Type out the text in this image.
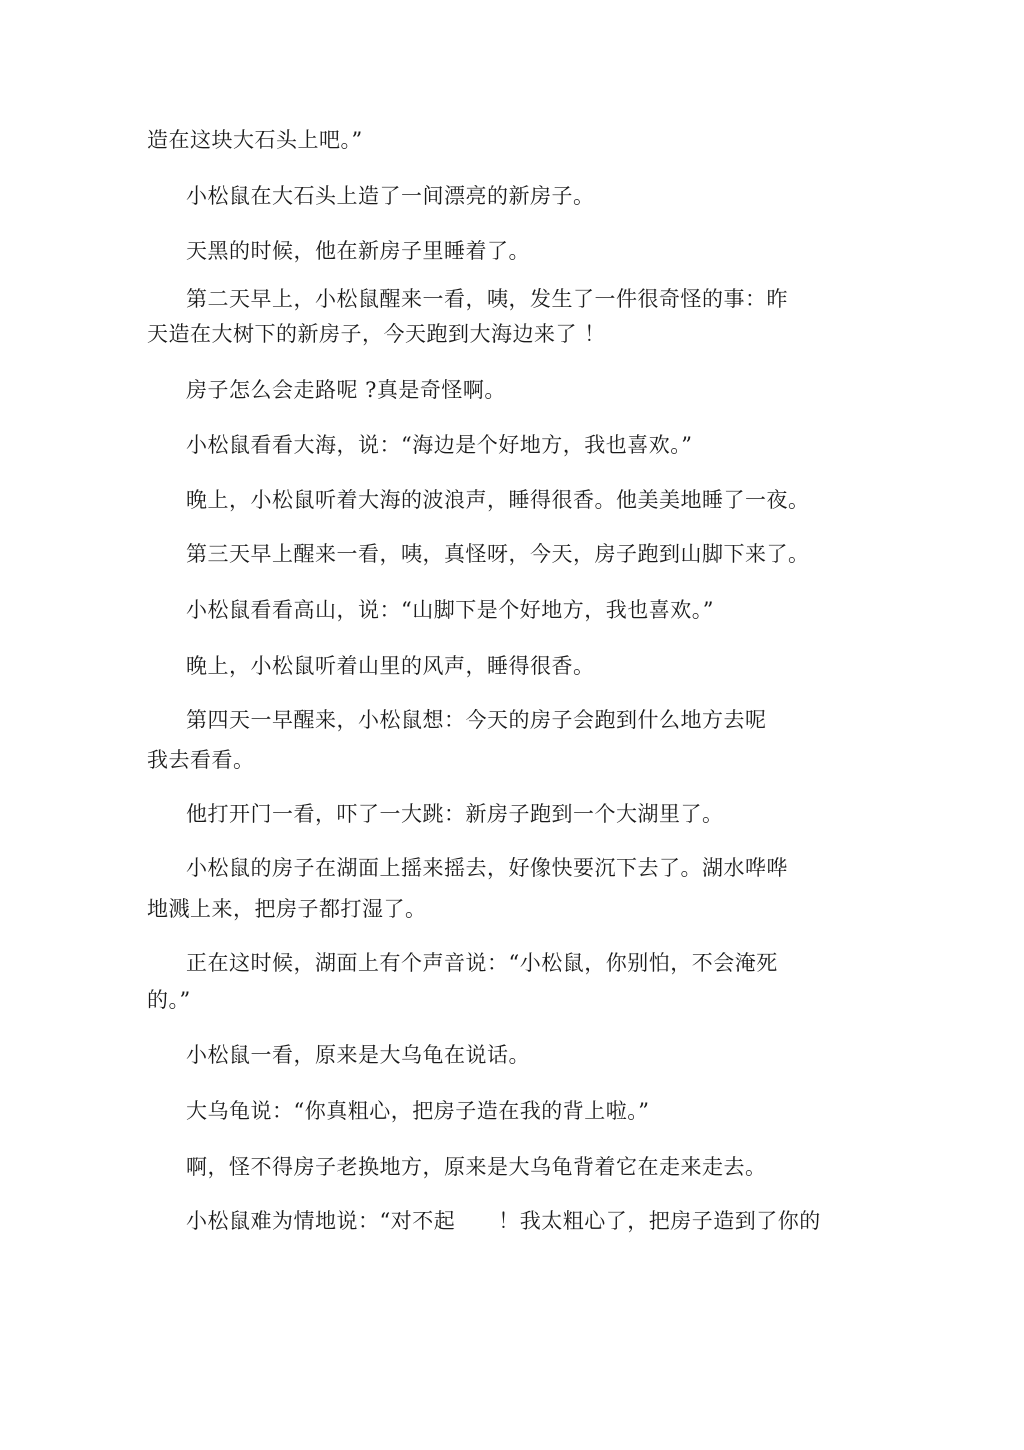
造在这块大石头上吧。”
小松鼠在大石头上造了一间漂亮的新房子。
天黑的时候，他在新房子里睡着了。
第二天早上，小松鼠醒来一看，咦，发生了一件很奇怪的事：昨
天造在大树下的新房子，今天跑到大海边来了 ！
房子怎么会走路呢 ?真是奇怪啊。
小松鼠看看大海，说：“海边是个好地方，我也喜欢。”
晚上，小松鼠听着大海的波浪声，睡得很香。他美美地睡了一夜。
第三天早上醒来一看，咦，真怪呀，今天，房子跑到山脚下来了。
小松鼠看看高山，说：“山脚下是个好地方，我也喜欢。”
晚上，小松鼠听着山里的风声，睡得很香。
第四天一早醒来，小松鼠想：今天的房子会跑到什么地方去呢
我去看看。
他打开门一看，吓了一大跳：新房子跑到一个大湖里了。
小松鼠的房子在湖面上摇来摇去，好像快要沉下去了。湖水哗哗
地溅上来，把房子都打湿了。
正在这时候，湖面上有个声音说：“小松鼠，你别怕，不会淹死
的。”
小松鼠一看，原来是大乌龟在说话。
大乌龟说：“你真粗心，把房子造在我的背上啦。”
啊，怪不得房子老换地方，原来是大乌龟背着它在走来走去。
小松鼠难为情地说：“对不起　　！我太粗心了，把房子造到了你的
